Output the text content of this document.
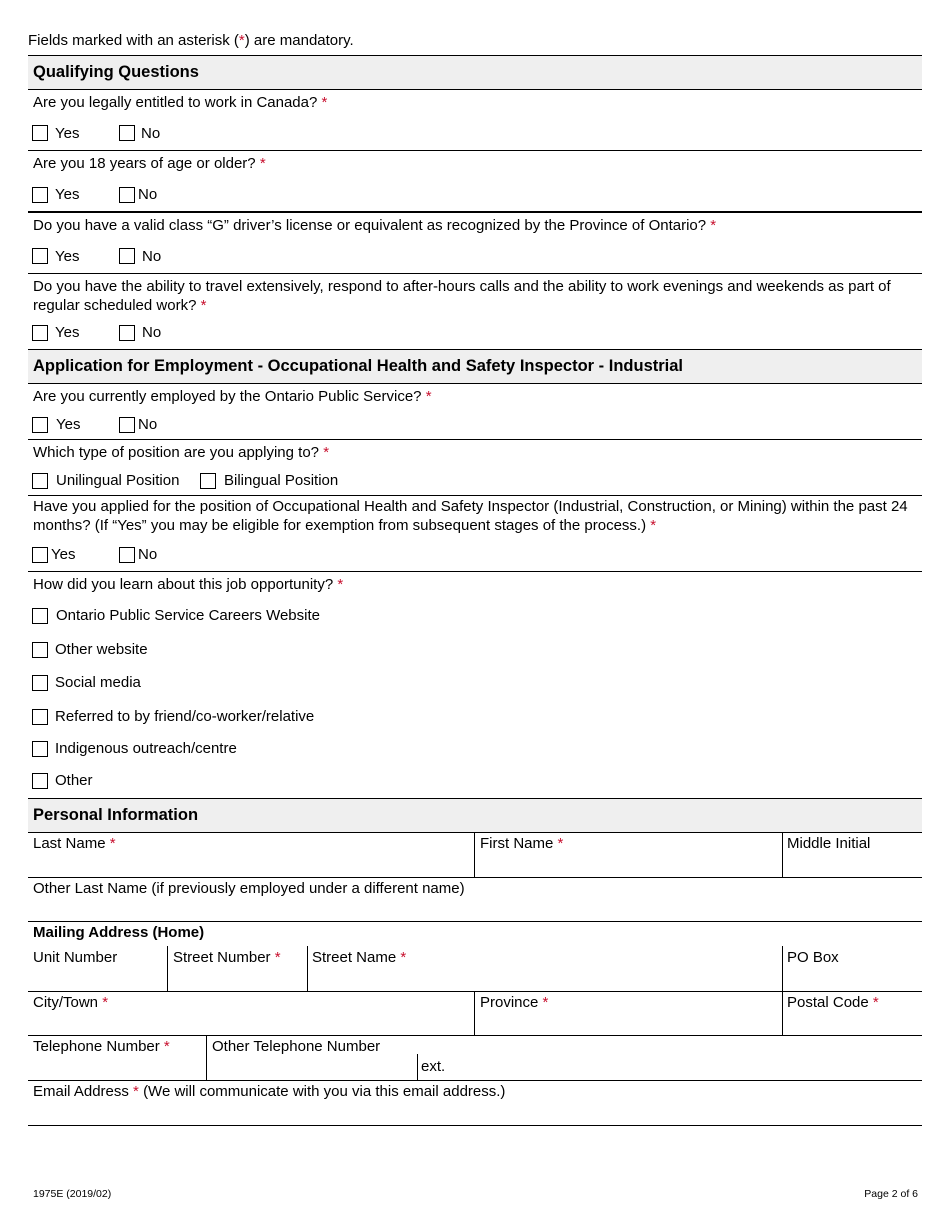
Fields marked with an asterisk (*) are mandatory.
Qualifying Questions
Are you legally entitled to work in Canada? *
Yes	No
Are you 18 years of age or older? *
Yes	No
Do you have a valid class “G” driver’s license or equivalent as recognized by the Province of Ontario? *
Yes	No
Do you have the ability to travel extensively, respond to after-hours calls and the ability to work evenings and weekends as part of regular scheduled work? *
Yes	No
Application for Employment - Occupational Health and Safety Inspector - Industrial
Are you currently employed by the Ontario Public Service? *
Yes	No
Which type of position are you applying to? *
Unilingual Position	Bilingual Position
Have you applied for the position of Occupational Health and Safety Inspector (Industrial, Construction, or Mining) within the past 24 months? (If “Yes” you may be eligible for exemption from subsequent stages of the process.) *
Yes	No
How did you learn about this job opportunity? *
Ontario Public Service Careers Website
Other website
Social media
Referred to by friend/co-worker/relative
Indigenous outreach/centre
Other
Personal Information
Last Name *	First Name *	Middle Initial
Other Last Name (if previously employed under a different name)
Mailing Address (Home)
Unit Number	Street Number * Street Name *	PO Box
City/Town *	Province *	Postal Code *
Telephone Number *	Other Telephone Number
ext.
Email Address * (We will communicate with you via this email address.)
1975E (2019/02)	Page 2 of 6
